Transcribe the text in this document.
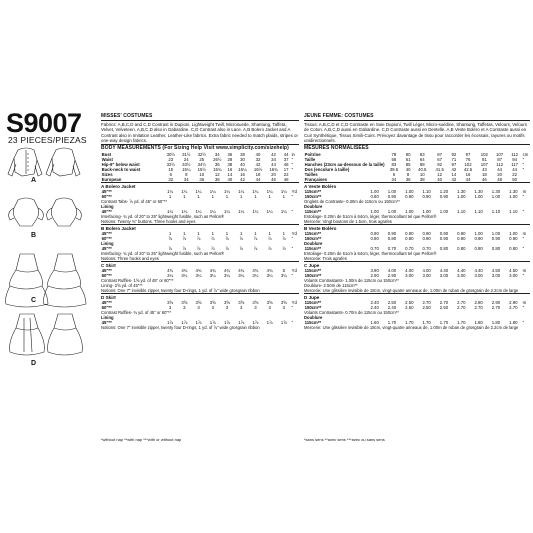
A
B
C
D
S9007
23 PIECES/PIEZAS
MISSES' COSTUMES
Fabrics: A,B,C,D and C,D Contrast in Dupioni, Lightweight Twill, Microsuede, Shantung, Taffeta, Velvet, Velveteen. A,B,C,D also in Gabardine. C,D Contrast also in Lace. A,B Bolero Jacket and A Contrast also in Imitation Leather, Leather-Like fabrics. Extra fabric needed to match plaids, stripes or one-way design fabrics.
BODY MEASUREMENTS (For Sizing Help Visit www.simplicity.com/sizehelp)
Bust	30½	31½	32½	34	36	38	40	42	44	in
Waist	23	24	25	26½	28	30	32	34	37	"
Hip-9" below waist	32½	33½	34½	36	38	40	42	44	46	"
Back-neck to waist	15	15¼	15½	15¾	16	16¼	16½	16¾	17	"
Sizes	6	8	10	12	14	16	18	20	22	
European	32	34	36	38	40	42	44	46	48	
A Bolero Jacket
45"**	1¼	1¼	1¼	1¼	1¼	1¼	1¼	1¼	1¼	Yd
60"**	1	1	1	1	1	1	1	1	1	"
Contrast Tabs- ⅞ yd. of 45" or 60"**
Lining
45"**	1¼	1¼	1¼	1¼	1¼	1¼	1¼	1¼	1¼	"
Interfacing- ¾ yd. of 20" to 25" lightweight fusible, such as Pellon®
Notions: Twenty ¾" buttons. Three hooks and eyes
B Bolero Jacket
45"**	1	1	1	1	1	1	1	1	1	Yd
60"**	⅞	⅞	⅞	⅞	⅞	⅞	⅞	⅞	⅞	"
Lining
45"**	⅞	⅞	⅞	⅞	⅞	⅞	⅞	⅞	⅞	"
Interfacing- ¾ yd. of 20" to 25" lightweight fusible, such as Pellon®
Notions: Three hooks and eyes
C Skirt
45"**	4¾	4¾	4¾	4¾	4¾	4¾	4¾	4¾	5	Yd
60"**	3¼	3¼	3¼	3¼	3¼	3¼	3¼	3¼	3¼	"
Contrast Ruffles- 1⅝ yd. of 45" or 60"**
Lining- 2⅝ yd. of 45"**
Notions: One 7" invisible zipper, twenty four D-rings, 1 yd. of ⅞" wide grosgrain ribbon
D Skirt
45"**	3⅝	3⅝	3⅝	3⅝	3⅝	3⅝	3⅝	3⅝	3⅝	Yd
60"**	3	3	3	3	3	3	3	3	3	"
Contrast Ruffles- ¾ yd. of 45" or 60"**
Lining
45"**	1⅞	1⅞	1⅞	1⅞	1⅞	1⅞	1⅞	1⅞	1⅞	"
Notions: One 7" invisible zipper, twenty four D-rings, 1 yd. of ⅞" wide grosgrain ribbon
JEUNE FEMME: COSTUMES
Tissus: A,B,C,D et C,D Contraste en Soie Dupioni, Twill Léger, Micro-suédine, Shantung, Taffetas, Velours, Velours de Coton. A,B,C,D aussi en Gabardine. C,D Contraste aussi en Dentelle. A,B Veste Boléro et A Contraste aussi en Cuir Synthétique, Tissus Simili-Cuirs. Prévoyez davantage de tissu pour raccorder les écossais, rayures ou motifs unidirectionnels.
MESURES NORMALISÉES
Poitrine	78	80	83	87	92	97	102	107	112	cm
Taille	58	61	64	67	71	76	81	87	94	"
Hanches (23cm au-dessous de la taille)	83	85	88	92	97	102	107	112	117	"
Dos (encolure à taille)	39.5	40	40.5	41.5	42	42.5	43	44	44	"
Tailles	6	8	10	12	14	16	18	20	22	
Françaises	34	36	38	40	42	44	46	48	50	
A Veste Boléro
115cm**	1.00	1.00	1.00	1.10	1.20	1.30	1.30	1.30	1.30	m
150cm**	0.80	0.90	0.90	0.90	0.90	1.00	1.00	1.00	1.00	"
Onglets de Contraste- 0.30m de 115cm ou 150cm**
Doublure
115cm**	1.00	1.00	1.00	1.00	1.00	1.10	1.10	1.10	1.10	"
Entoilage- 0.20m de 51cm à 64cm, léger, thermocollant tel que Pellon®
Mercerie: Vingt boutons de 1.5cm, trois agrafes
B Veste Boléro
115cm**	0.90	0.90	0.90	0.90	0.90	0.90	1.00	1.00	1.00	m
150cm**	0.80	0.80	0.80	0.90	0.90	0.90	0.90	0.90	0.90	"
Doublure
115cm**	0.70	0.70	0.70	0.70	0.80	0.80	0.80	0.80	0.80	"
Entoilage- 0.20m de 51cm à 64cm, léger, thermocollant tel que Pellon®
Mercerie: Trois agrafes
C Jupe
115cm**	3.90	4.00	4.00	4.00	4.40	4.40	4.40	4.50	4.50	m
150cm**	2.90	2.90	3.00	3.00	3.00	3.00	3.00	3.00	3.00	"
Volants Contrastants- 1.00m de 115cm ou 150cm**
Doublure- 2.50m de 115cm**
Mercerie: Une glissière invisible de 18cm, vingt-quatre anneaux de, 1.00m de ruban de grosgrain de 2.2cm de large
D Jupe
115cm**	2.40	2.50	2.50	2.70	2.70	2.70	2.80	2.90	2.90	m
150cm**	2.40	2.40	2.50	2.50	2.50	2.70	2.70	2.70	2.70	"
Volants Contrastants- 0.70m de 115cm ou 150cm**
Doublure
115cm**	1.60	1.70	1.70	1.70	1.70	1.70	1.80	1.80	1.80	"
Mercerie: Une glissière invisible de 18cm, vingt-quatre anneaux de, 1.00m de ruban de grosgrain de 2.2cm de large
*without nap **with nap ***with or without nap	*sans sens **avec sens ***avec ou sans sens
